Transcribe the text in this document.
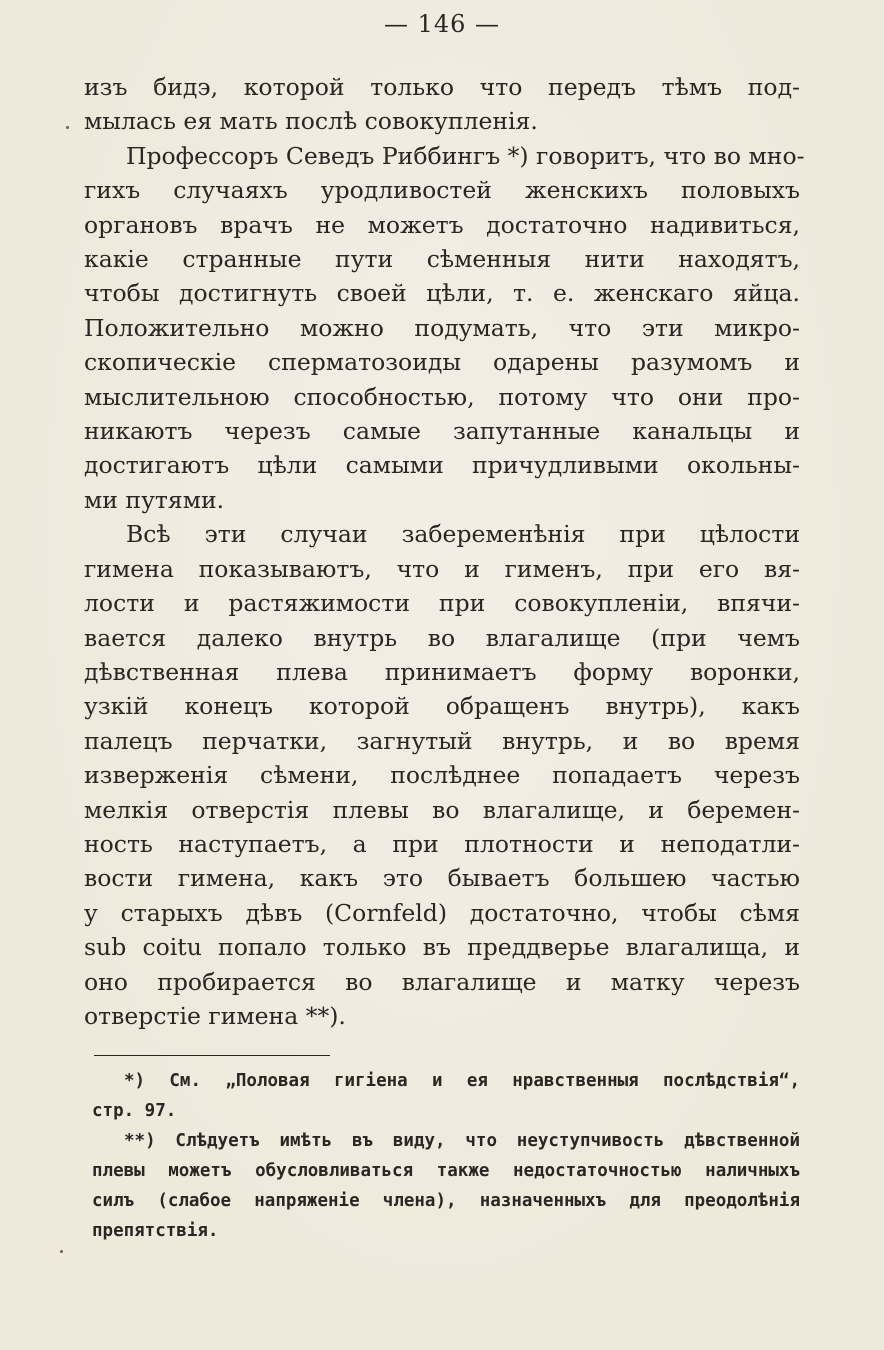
— 146 —
изъ бидэ, которой только что передъ тѣмъ под-
мылась ея мать послѣ совокупленія.
Профессоръ Севедъ Риббингъ *) говоритъ, что во мно-
гихъ случаяхъ уродливостей женскихъ половыхъ
органовъ врачъ не можетъ достаточно надивиться,
какіе странные пути сѣменныя нити находятъ,
чтобы достигнуть своей цѣли, т. е. женскаго яйца.
Положительно можно подумать, что эти микро-
скопическіе сперматозоиды одарены разумомъ и
мыслительною способностью, потому что они про-
никаютъ черезъ самые запутанные канальцы и
достигаютъ цѣли самыми причудливыми окольны-
ми путями.
Всѣ эти случаи забеременѣнія при цѣлости
гимена показываютъ, что и гименъ, при его вя-
лости и растяжимости при совокупленіи, впячи-
вается далеко внутрь во влагалище (при чемъ
дѣвственная плева принимаетъ форму воронки,
узкій конецъ которой обращенъ внутрь), какъ
палецъ перчатки, загнутый внутрь, и во время
изверженія сѣмени, послѣднее попадаетъ черезъ
мелкія отверстія плевы во влагалище, и беремен-
ность наступаетъ, а при плотности и неподатли-
вости гимена, какъ это бываетъ большею частью
у старыхъ дѣвъ (Cornfeld) достаточно, чтобы сѣмя
sub coitu попало только въ преддверье влагалища, и
оно пробирается во влагалище и матку черезъ
отверстіе гимена **).
*) См. „Половая гигіена и ея нравственныя послѣдствія“,
стр. 97.
**) Слѣдуетъ имѣть въ виду, что неуступчивость дѣвственной
плевы можетъ обусловливаться также недостаточностью наличныхъ
силъ (слабое напряженіе члена), назначенныхъ для преодолѣнія
препятствія.
